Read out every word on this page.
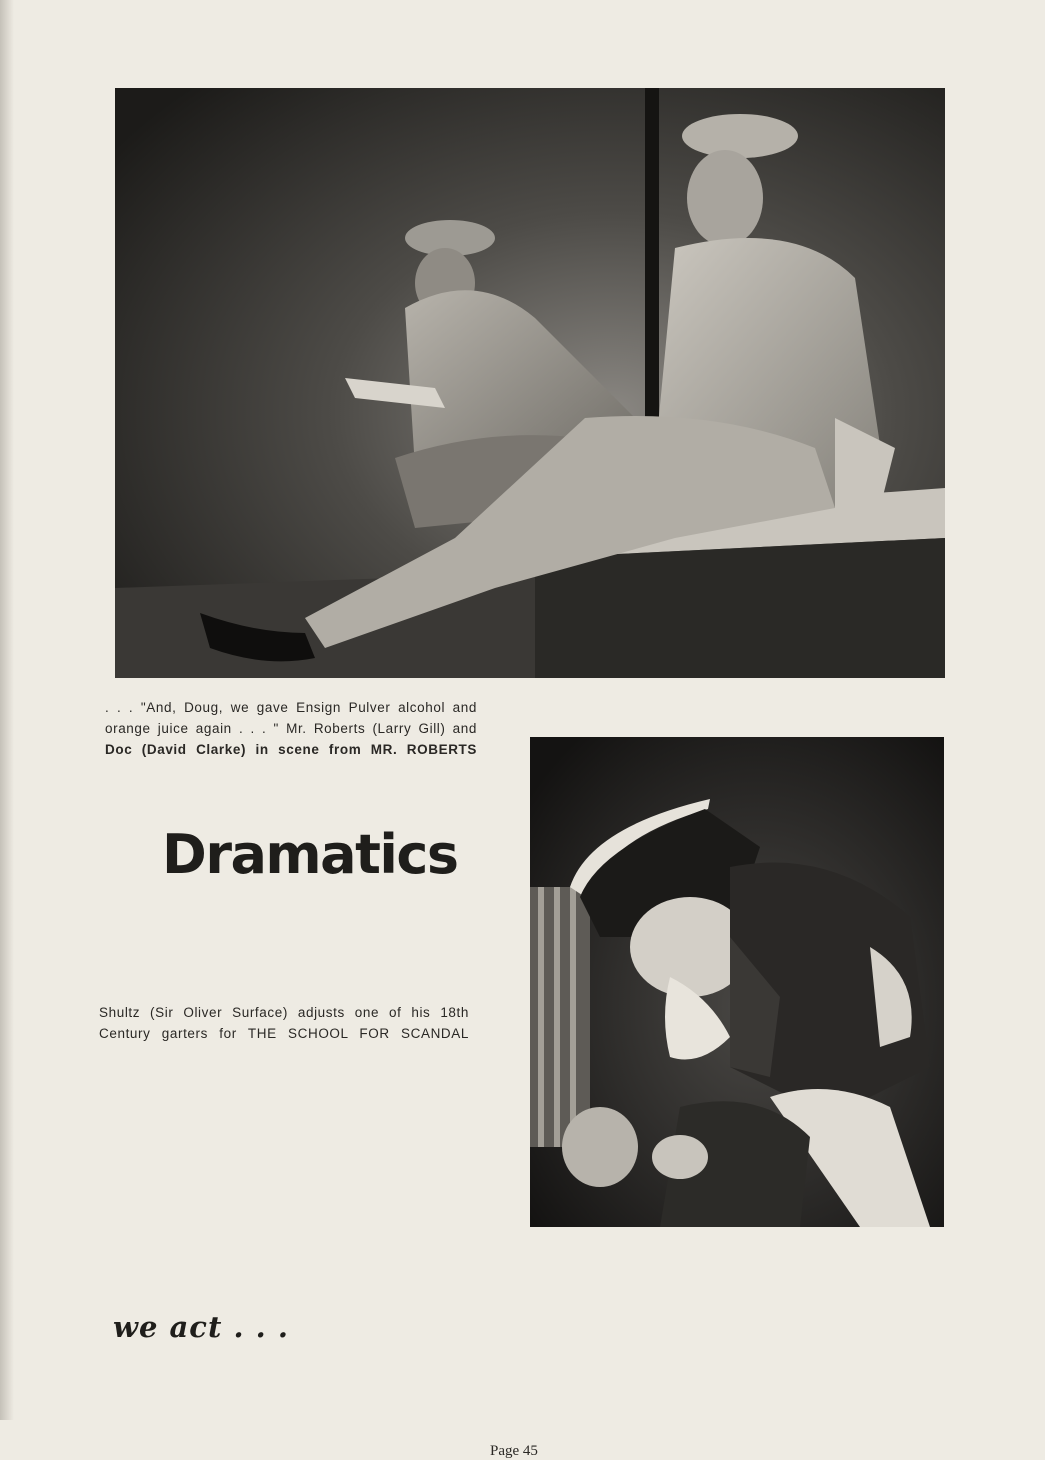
. . . "And, Doug, we gave Ensign Pulver alcohol and
orange juice again . . . " Mr. Roberts (Larry Gill) and
Doc (David Clarke) in scene from MR. ROBERTS
Dramatics
Shultz (Sir Oliver Surface) adjusts one of his 18th
Century garters for THE SCHOOL FOR SCANDAL
we act . . .
Page 45
